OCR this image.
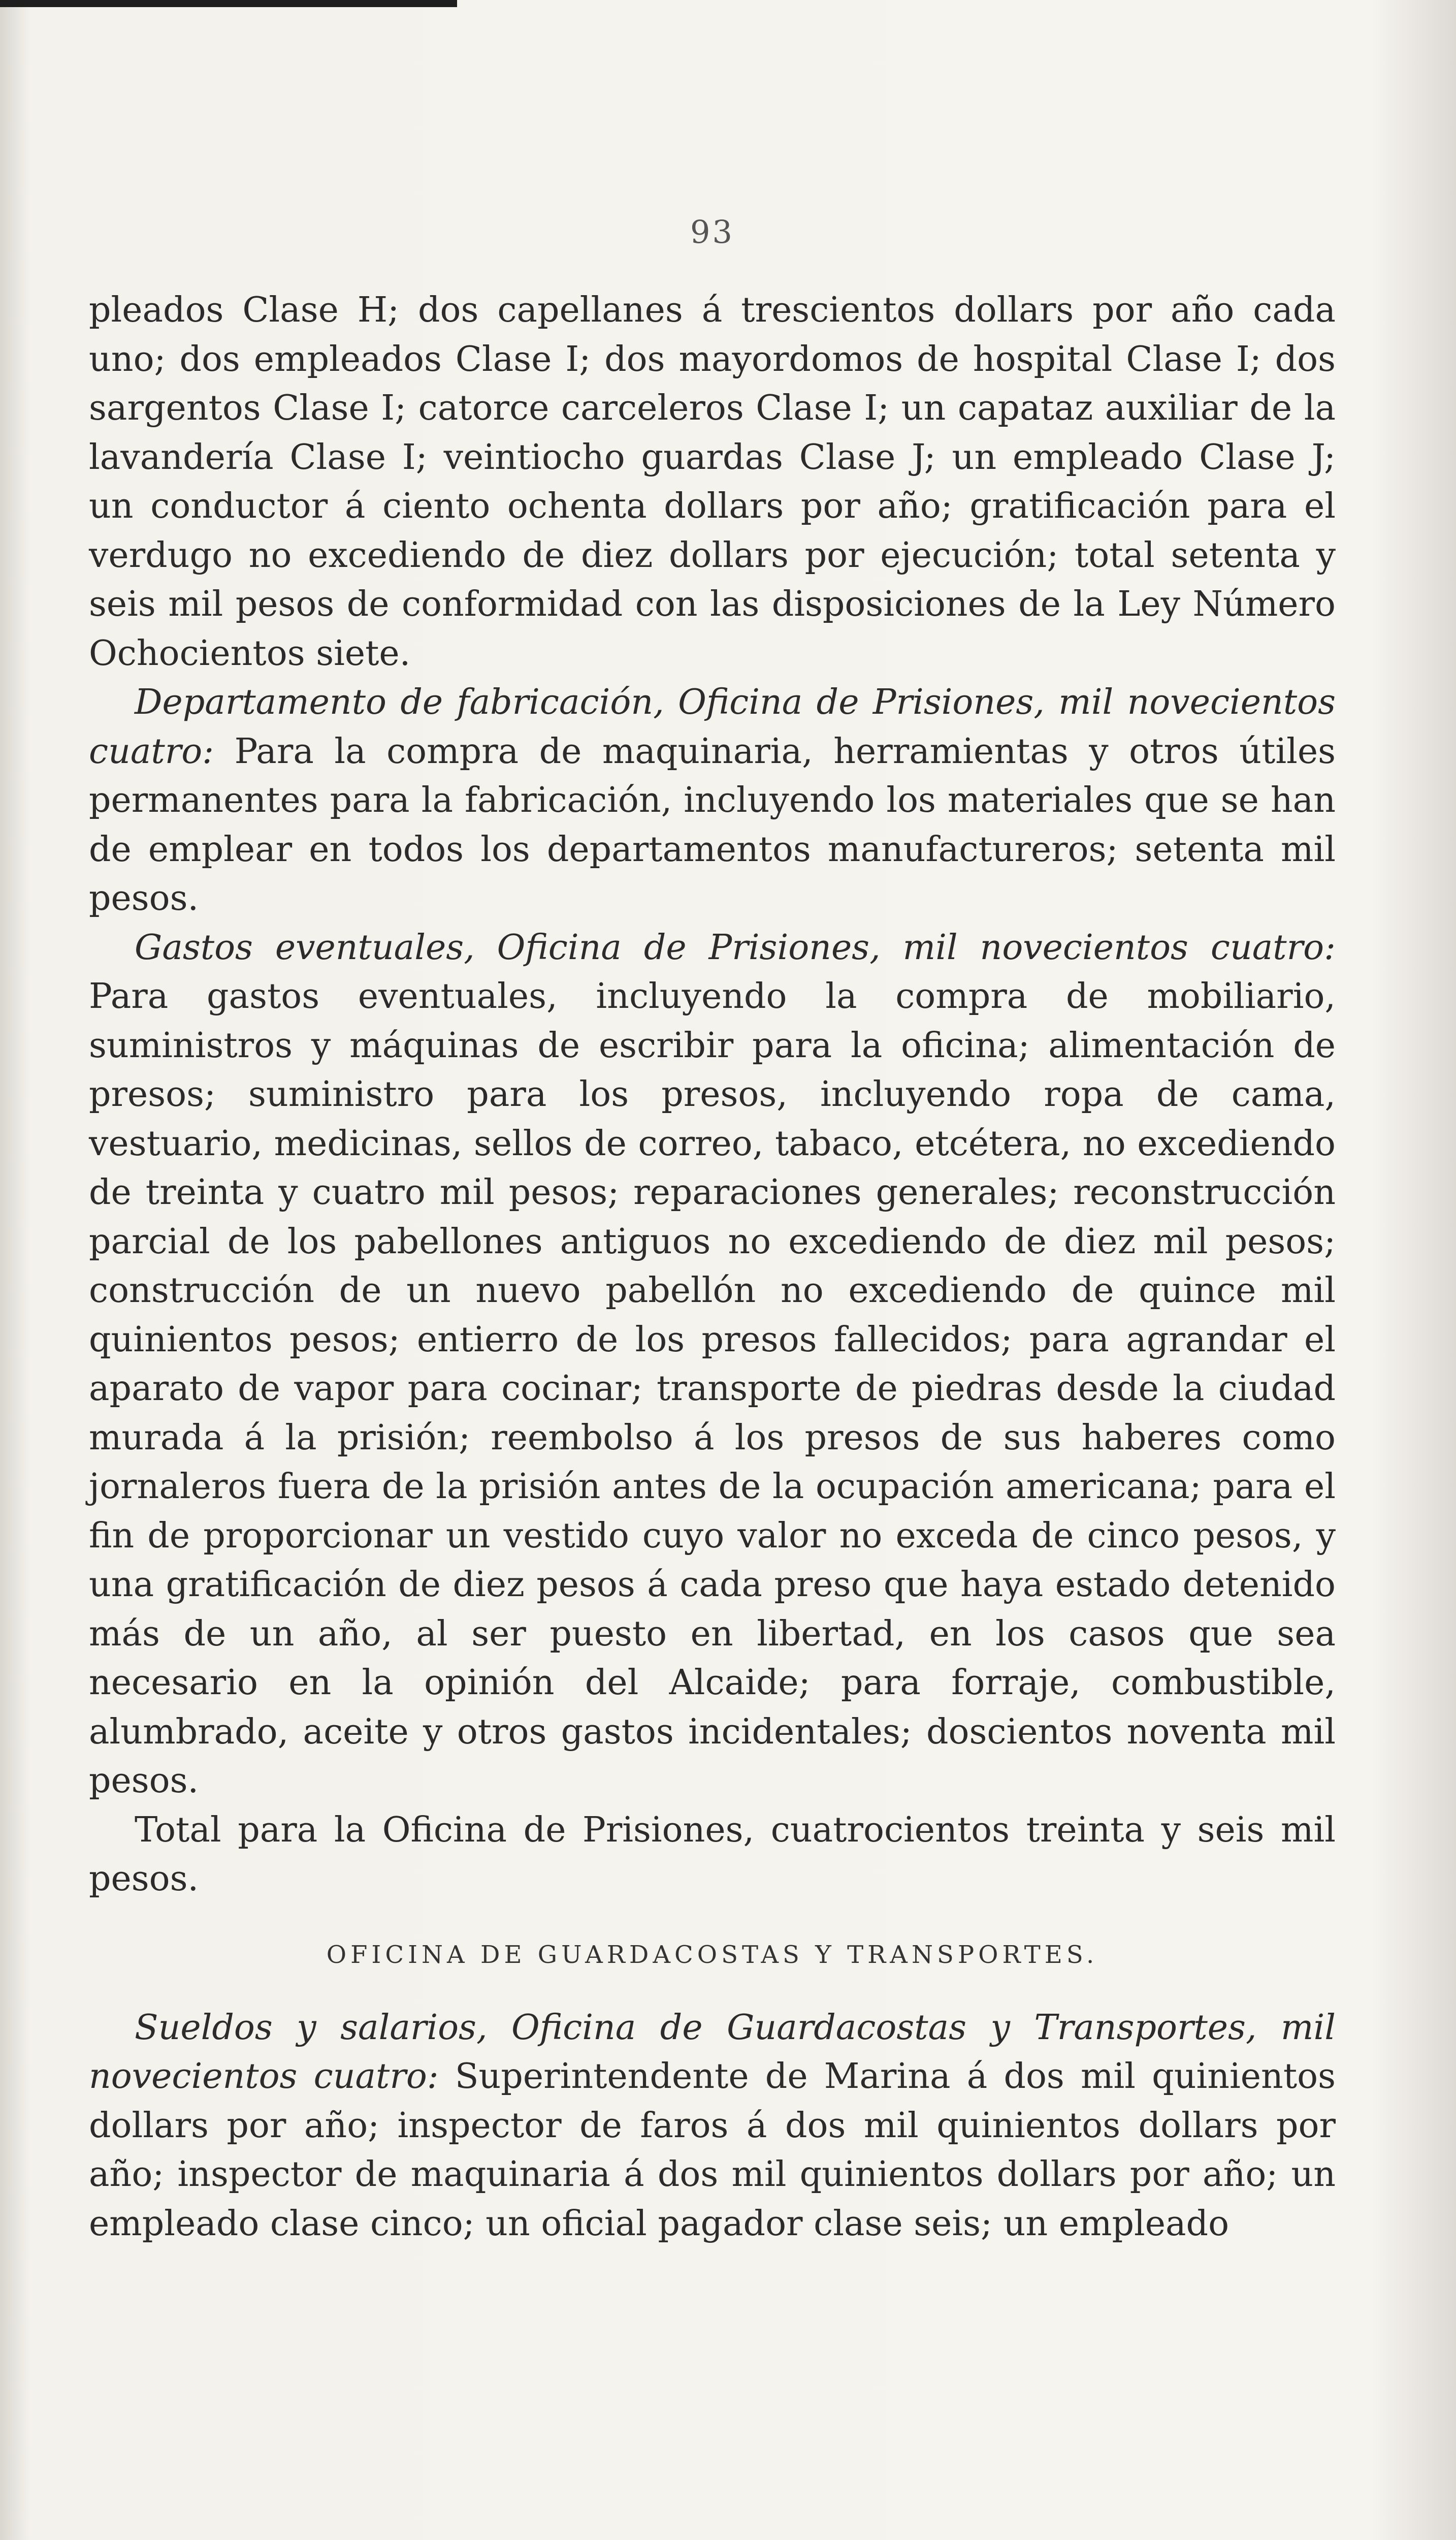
93

pleados Clase H; dos capellanes á trescientos dollars por año cada uno; dos empleados Clase I; dos mayordomos de hospital Clase I; dos sargentos Clase I; catorce carceleros Clase I; un capataz auxiliar de la lavandería Clase I; veintiocho guardas Clase J; un empleado Clase J; un conductor á ciento ochenta dollars por año; gratificación para el verdugo no excediendo de diez dollars por ejecución; total setenta y seis mil pesos de conformidad con las disposiciones de la Ley Número Ochocientos siete.

Departamento de fabricación, Oficina de Prisiones, mil novecientos cuatro: Para la compra de maquinaria, herramientas y otros útiles permanentes para la fabricación, incluyendo los materiales que se han de emplear en todos los departamentos manufactureros; setenta mil pesos.

Gastos eventuales, Oficina de Prisiones, mil novecientos cuatro: Para gastos eventuales, incluyendo la compra de mobiliario, suministros y máquinas de escribir para la oficina; alimentación de presos; suministro para los presos, incluyendo ropa de cama, vestuario, medicinas, sellos de correo, tabaco, etcétera, no excediendo de treinta y cuatro mil pesos; reparaciones generales; reconstrucción parcial de los pabellones antiguos no excediendo de diez mil pesos; construcción de un nuevo pabellón no excediendo de quince mil quinientos pesos; entierro de los presos fallecidos; para agrandar el aparato de vapor para cocinar; transporte de piedras desde la ciudad murada á la prisión; reembolso á los presos de sus haberes como jornaleros fuera de la prisión antes de la ocupación americana; para el fin de proporcionar un vestido cuyo valor no exceda de cinco pesos, y una gratificación de diez pesos á cada preso que haya estado detenido más de un año, al ser puesto en libertad, en los casos que sea necesario en la opinión del Alcaide; para forraje, combustible, alumbrado, aceite y otros gastos incidentales; doscientos noventa mil pesos.

Total para la Oficina de Prisiones, cuatrocientos treinta y seis mil pesos.

OFICINA DE GUARDACOSTAS Y TRANSPORTES.

Sueldos y salarios, Oficina de Guardacostas y Transportes, mil novecientos cuatro: Superintendente de Marina á dos mil quinientos dollars por año; inspector de faros á dos mil quinientos dollars por año; inspector de maquinaria á dos mil quinientos dollars por año; un empleado clase cinco; un oficial pagador clase seis; un empleado
